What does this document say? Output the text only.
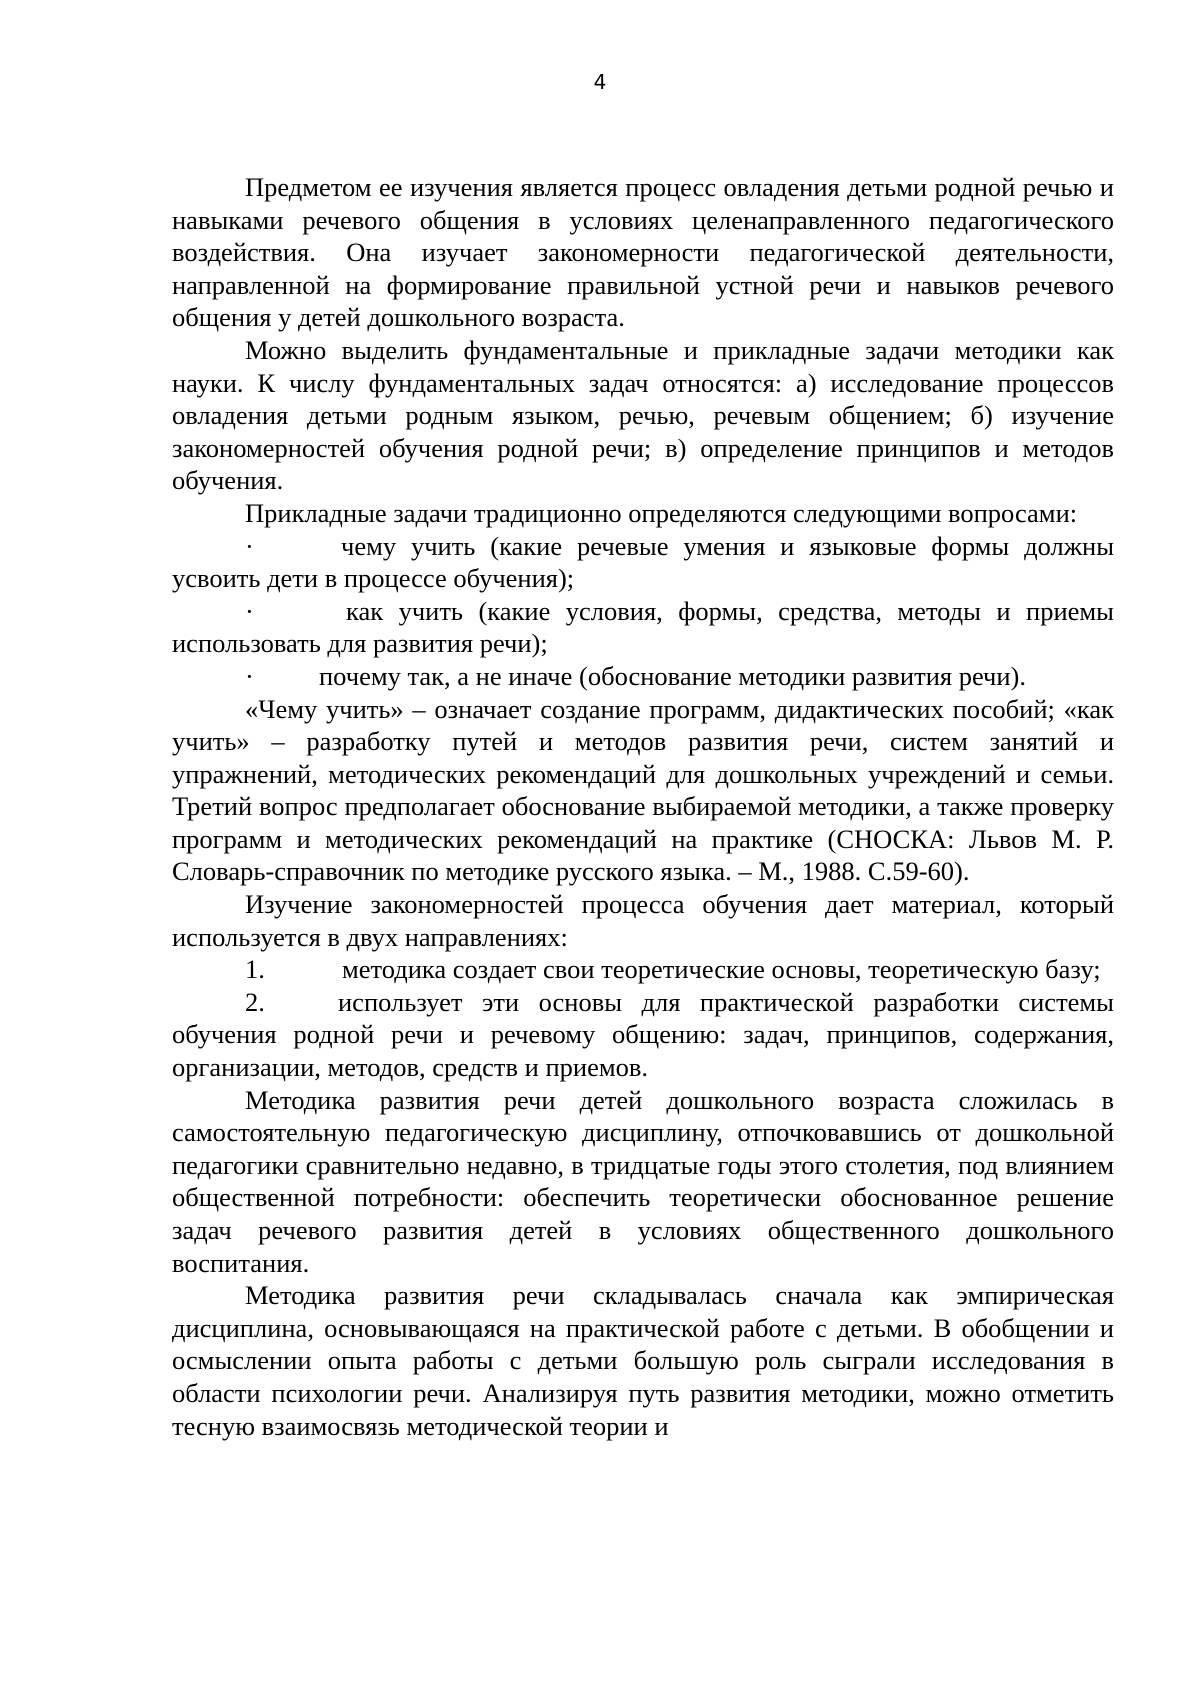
4

Предметом ее изучения является процесс овладения детьми родной речью и навыками речевого общения в условиях целенаправленного педагогического воздействия. Она изучает закономерности педагогической деятельности, направленной на формирование правильной устной речи и навыков речевого общения у детей дошкольного возраста.

Можно выделить фундаментальные и прикладные задачи методики как науки. К числу фундаментальных задач относятся: а) исследование процессов овладения детьми родным языком, речью, речевым общением; б) изучение закономерностей обучения родной речи; в) определение принципов и методов обучения.

Прикладные задачи традиционно определяются следующими вопросами:

·	чему учить (какие речевые умения и языковые формы должны усвоить дети в процессе обучения);

·	как учить (какие условия, формы, средства, методы и приемы использовать для развития речи);

· почему так, а не иначе (обоснование методики развития речи).

«Чему учить» – означает создание программ, дидактических пособий; «как учить» – разработку путей и методов развития речи, систем занятий и упражнений, методических рекомендаций для дошкольных учреждений и семьи. Третий вопрос предполагает обоснование выбираемой методики, а также проверку программ и методических рекомендаций на практике (СНОСКА: Львов М. Р. Словарь-справочник по методике русского языка. – М., 1988. С.59-60).

Изучение закономерностей процесса обучения дает материал, который используется в двух направлениях:

1.	методика создает свои теоретические основы, теоретическую базу;

2.	использует эти основы для практической разработки системы обучения родной речи и речевому общению: задач, принципов, содержания, организации, методов, средств и приемов.

Методика развития речи детей дошкольного возраста сложилась в самостоятельную педагогическую дисциплину, отпочковавшись от дошкольной педагогики сравнительно недавно, в тридцатые годы этого столетия, под влиянием общественной потребности: обеспечить теоретически обоснованное решение задач речевого развития детей в условиях общественного дошкольного воспитания.

Методика развития речи складывалась сначала как эмпирическая дисциплина, основывающаяся на практической работе с детьми. В обобщении и осмыслении опыта работы с детьми большую роль сыграли исследования в области психологии речи. Анализируя путь развития методики, можно отметить тесную взаимосвязь методической теории и
